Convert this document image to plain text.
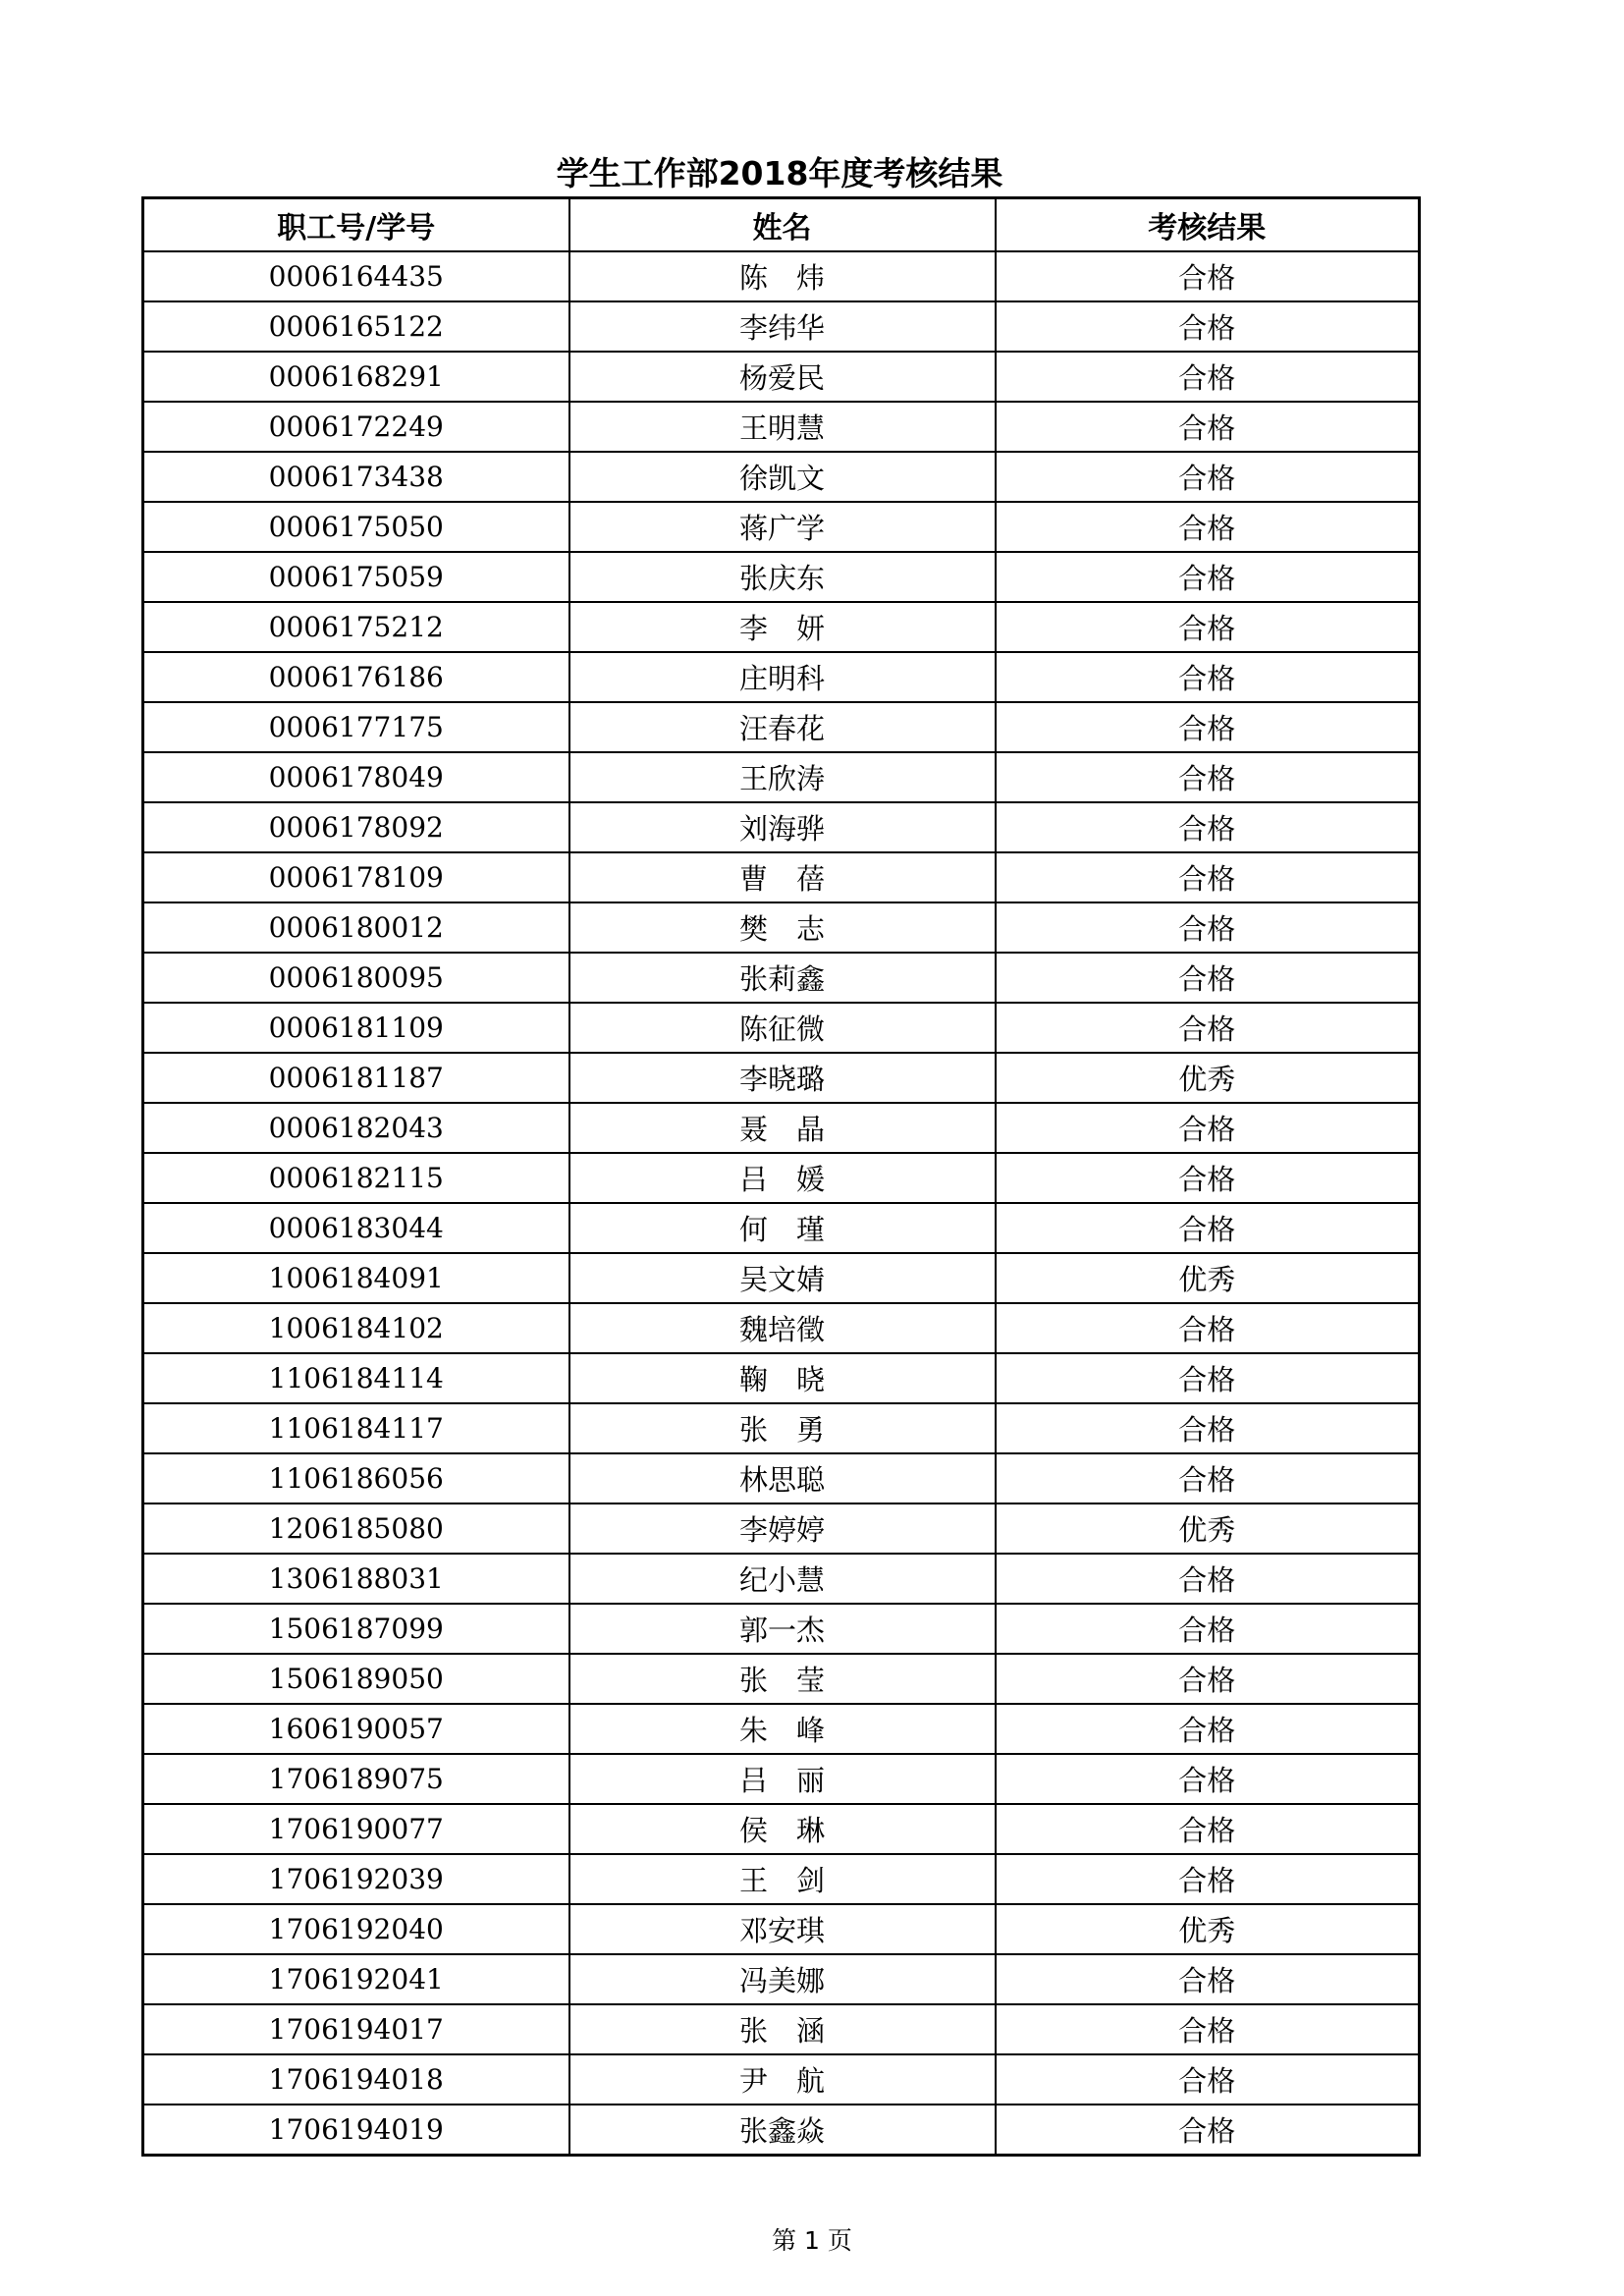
学生工作部2018年度考核结果
职工号/学号	姓名	考核结果
0006164435	陈　炜	合格
0006165122	李纬华	合格
0006168291	杨爱民	合格
0006172249	王明慧	合格
0006173438	徐凯文	合格
0006175050	蒋广学	合格
0006175059	张庆东	合格
0006175212	李　妍	合格
0006176186	庄明科	合格
0006177175	汪春花	合格
0006178049	王欣涛	合格
0006178092	刘海骅	合格
0006178109	曹　蓓	合格
0006180012	樊　志	合格
0006180095	张莉鑫	合格
0006181109	陈征微	合格
0006181187	李晓璐	优秀
0006182043	聂　晶	合格
0006182115	吕　媛	合格
0006183044	何　瑾	合格
1006184091	吴文婧	优秀
1006184102	魏培徵	合格
1106184114	鞠　晓	合格
1106184117	张　勇	合格
1106186056	林思聪	合格
1206185080	李婷婷	优秀
1306188031	纪小慧	合格
1506187099	郭一杰	合格
1506189050	张　莹	合格
1606190057	朱　峰	合格
1706189075	吕　丽	合格
1706190077	侯　琳	合格
1706192039	王　剑	合格
1706192040	邓安琪	优秀
1706192041	冯美娜	合格
1706194017	张　涵	合格
1706194018	尹　航	合格
1706194019	张鑫焱	合格
第 1 页
